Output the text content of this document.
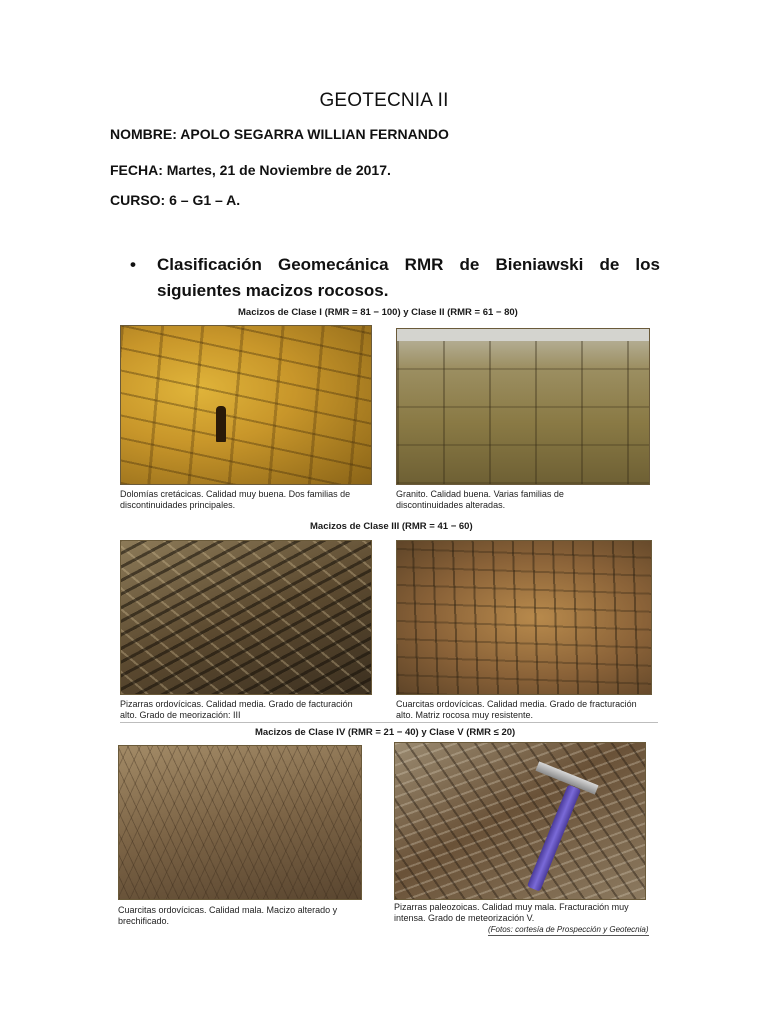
GEOTECNIA II
NOMBRE: APOLO SEGARRA WILLIAN FERNANDO
FECHA: Martes, 21 de Noviembre de 2017.
CURSO: 6 – G1 – A.
•	Clasificación Geomecánica RMR de Bieniawski de los siguientes macizos rocosos.
Macizos de Clase I (RMR = 81 − 100) y Clase II (RMR = 61 − 80)
Dolomías cretácicas. Calidad muy buena. Dos familias de discontinuidades principales.
Granito. Calidad buena. Varias familias de discontinuidades alteradas.
Macizos de Clase III (RMR = 41 − 60)
Pizarras ordovícicas. Calidad media. Grado de facturación alto. Grado de meorización: III
Cuarcitas ordovícicas. Calidad media. Grado de fracturación alto. Matriz rocosa muy resistente.
Macizos de Clase IV (RMR = 21 − 40) y Clase V (RMR ≤ 20)
Cuarcitas ordovícicas. Calidad mala. Macizo alterado y brechificado.
Pizarras paleozoicas. Calidad muy mala. Fracturación muy intensa. Grado de meteorización V.
(Fotos: cortesía de Prospección y Geotecnia)
